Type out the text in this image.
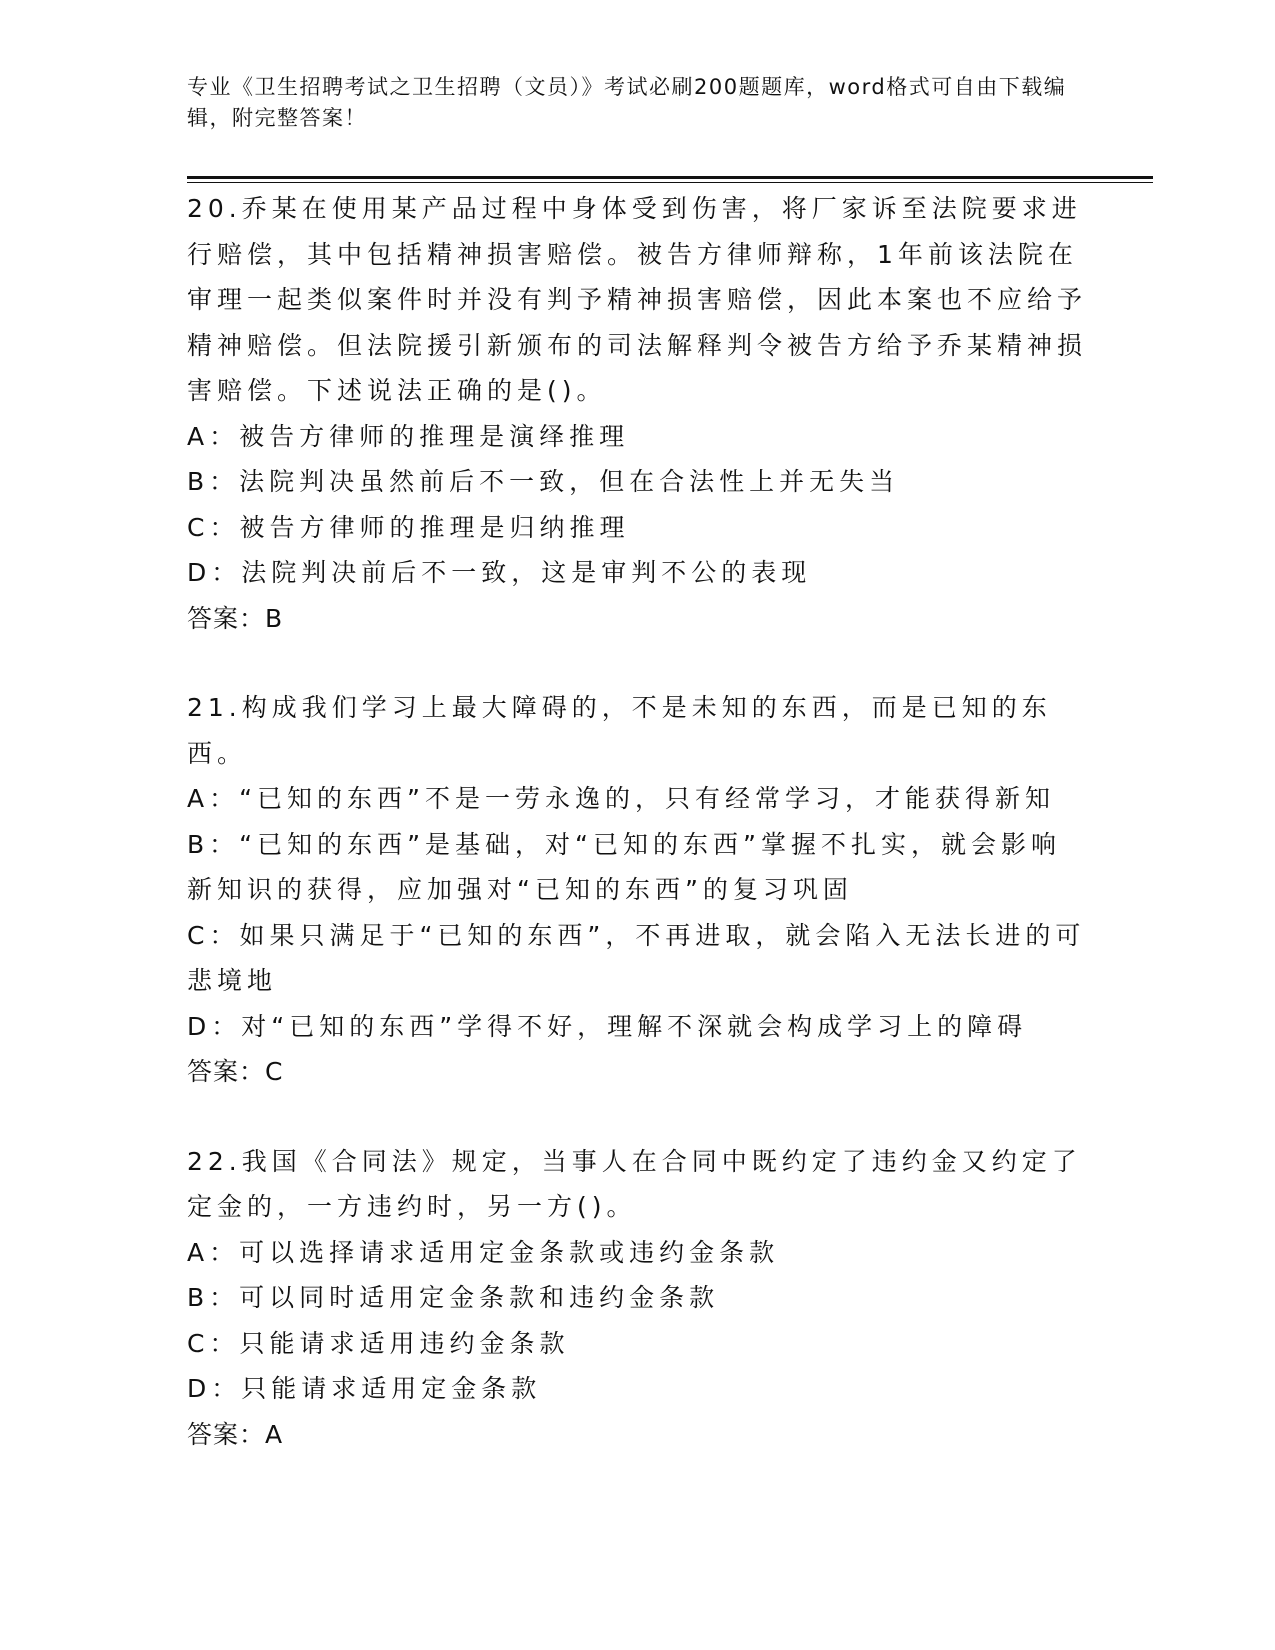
专业《卫生招聘考试之卫生招聘（文员）》考试必刷200题题库，word格式可自由下载编辑，附完整答案！
20.乔某在使用某产品过程中身体受到伤害，将厂家诉至法院要求进行赔偿，其中包括精神损害赔偿。被告方律师辩称，1年前该法院在审理一起类似案件时并没有判予精神损害赔偿，因此本案也不应给予精神赔偿。但法院援引新颁布的司法解释判令被告方给予乔某精神损害赔偿。下述说法正确的是()。
A：被告方律师的推理是演绎推理
B：法院判决虽然前后不一致，但在合法性上并无失当
C：被告方律师的推理是归纳推理
D：法院判决前后不一致，这是审判不公的表现
答案：B
21.构成我们学习上最大障碍的，不是未知的东西，而是已知的东西。
A：“已知的东西”不是一劳永逸的，只有经常学习，才能获得新知
B：“已知的东西”是基础，对“已知的东西”掌握不扎实，就会影响新知识的获得，应加强对“已知的东西”的复习巩固
C：如果只满足于“已知的东西”，不再进取，就会陷入无法长进的可悲境地
D：对“已知的东西”学得不好，理解不深就会构成学习上的障碍
答案：C
22.我国《合同法》规定，当事人在合同中既约定了违约金又约定了定金的，一方违约时，另一方()。
A：可以选择请求适用定金条款或违约金条款
B：可以同时适用定金条款和违约金条款
C：只能请求适用违约金条款
D：只能请求适用定金条款
答案：A
